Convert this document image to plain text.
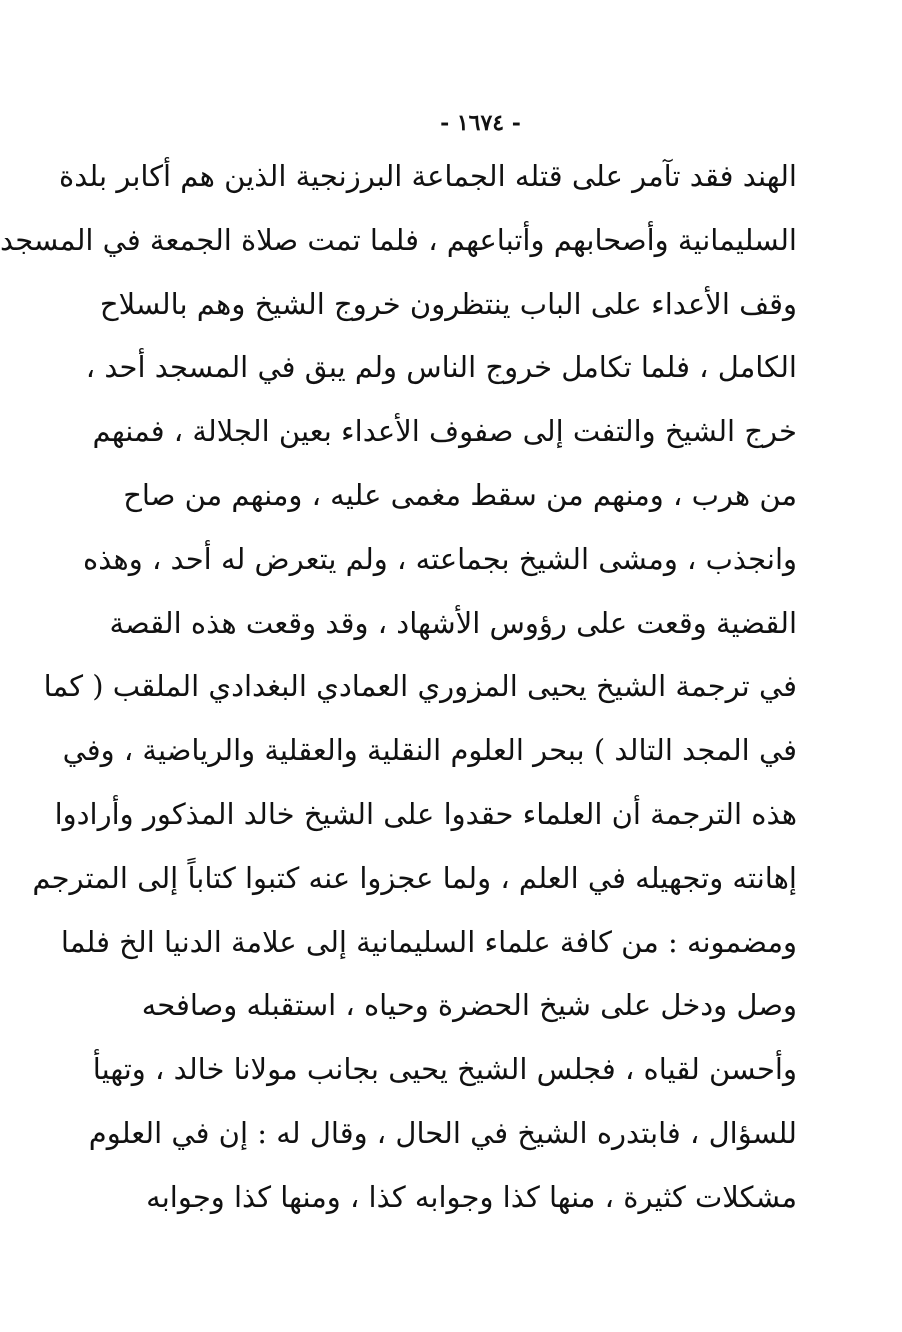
- ١٦٧٤ -
الهند فقد تآمر على قتله الجماعة البرزنجية الذين هم أكابر بلدة
السليمانية وأصحابهم وأتباعهم ، فلما تمت صلاة الجمعة في المسجد
وقف الأعداء على الباب ينتظرون خروج الشيخ وهم بالسلاح
الكامل ، فلما تكامل خروج الناس ولم يبق في المسجد أحد ،
خرج الشيخ والتفت إلى صفوف الأعداء بعين الجلالة ، فمنهم
من هرب ، ومنهم من سقط مغمى عليه ، ومنهم من صاح
وانجذب ، ومشى الشيخ بجماعته ، ولم يتعرض له أحد ، وهذه
القضية وقعت على رؤوس الأشهاد ، وقد وقعت هذه القصة
في ترجمة الشيخ يحيى المزوري العمادي البغدادي الملقب ( كما
في المجد التالد ) ببحر العلوم النقلية والعقلية والرياضية ، وفي
هذه الترجمة أن العلماء حقدوا على الشيخ خالد المذكور وأرادوا
إهانته وتجهيله في العلم ، ولما عجزوا عنه كتبوا كتاباً إلى المترجم
ومضمونه : من كافة علماء السليمانية إلى علامة الدنيا الخ فلما
وصل ودخل على شيخ الحضرة وحياه ، استقبله وصافحه
وأحسن لقياه ، فجلس الشيخ يحيى بجانب مولانا خالد ، وتهيأ
للسؤال ، فابتدره الشيخ في الحال ، وقال له : إن في العلوم
مشكلات كثيرة ، منها كذا وجوابه كذا ، ومنها كذا وجوابه
